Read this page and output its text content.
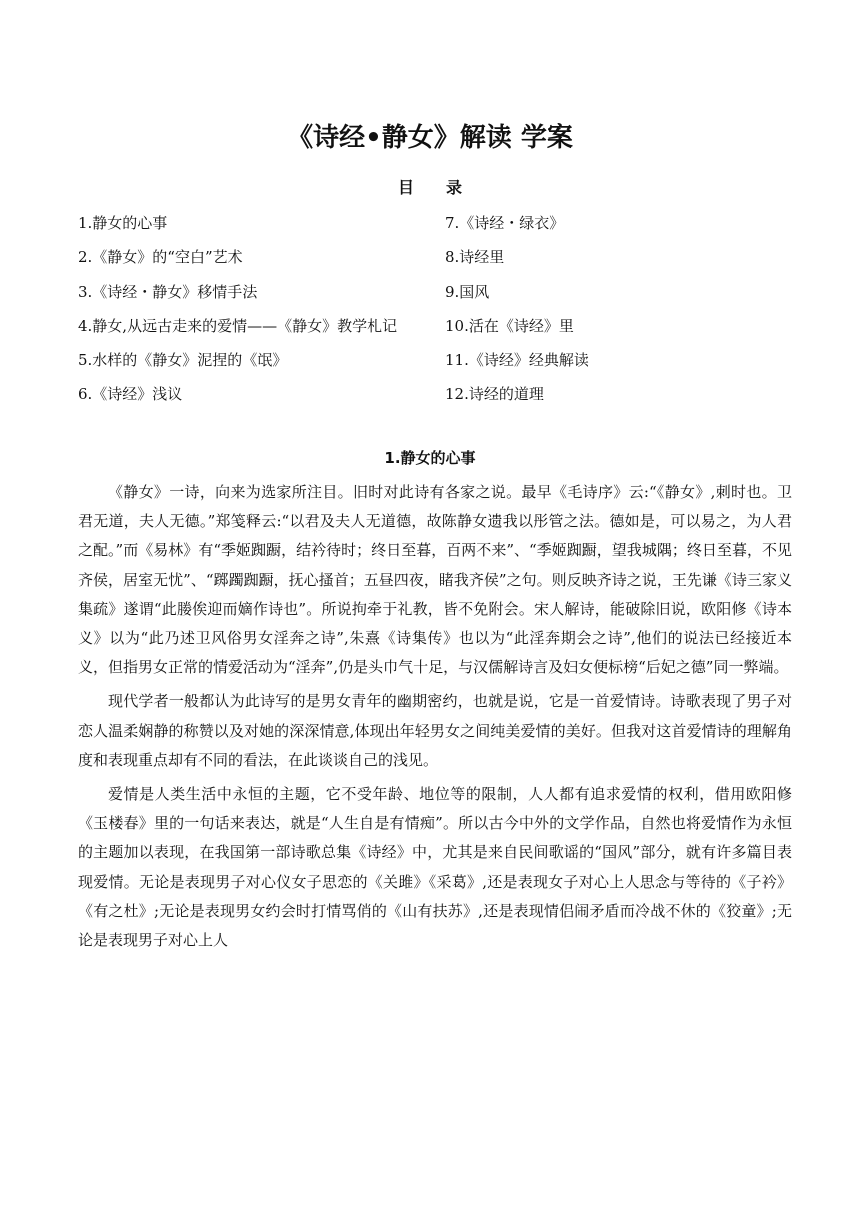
《诗经•静女》解读 学案
目录
1.静女的心事
2.《静女》的“空白”艺术
3.《诗经・静女》移情手法
4.静女,从远古走来的爱情——《静女》教学札记
5.水样的《静女》泥捏的《氓》
6.《诗经》浅议
7.《诗经・绿衣》
8.诗经里
9.国风
10.活在《诗经》里
11.《诗经》经典解读
12.诗经的道理
1.静女的心事

《静女》一诗，向来为选家所注目。旧时对此诗有各家之说。最早《毛诗序》云:“《静女》,刺时也。卫君无道，夫人无德。”郑笺释云:“以君及夫人无道德，故陈静女遗我以彤管之法。德如是，可以易之，为人君之配。”而《易林》有“季姬踟蹰，结衿待时；终日至暮，百两不来”、“季姬踟蹰，望我城隅；终日至暮，不见齐侯，居室无忧”、“踯躅踟蹰，抚心搔首；五昼四夜，睹我齐侯”之句。则反映齐诗之说，王先谦《诗三家义集疏》遂谓“此媵俟迎而嫡作诗也”。所说拘牵于礼教，皆不免附会。宋人解诗，能破除旧说，欧阳修《诗本义》以为“此乃述卫风俗男女淫奔之诗”,朱熹《诗集传》也以为“此淫奔期会之诗”,他们的说法已经接近本义，但指男女正常的情爱活动为“淫奔”,仍是头巾气十足，与汉儒解诗言及妇女便标榜“后妃之德”同一弊端。

现代学者一般都认为此诗写的是男女青年的幽期密约，也就是说，它是一首爱情诗。诗歌表现了男子对恋人温柔娴静的称赞以及对她的深深情意,体现出年轻男女之间纯美爱情的美好。但我对这首爱情诗的理解角度和表现重点却有不同的看法，在此谈谈自己的浅见。

爱情是人类生活中永恒的主题，它不受年龄、地位等的限制，人人都有追求爱情的权利，借用欧阳修《玉楼春》里的一句话来表达，就是“人生自是有情痴”。所以古今中外的文学作品，自然也将爱情作为永恒的主题加以表现，在我国第一部诗歌总集《诗经》中，尤其是来自民间歌谣的“国风”部分，就有许多篇目表现爱情。无论是表现男子对心仪女子思恋的《关雎》《采葛》,还是表现女子对心上人思念与等待的《子衿》《有之杜》;无论是表现男女约会时打情骂俏的《山有扶苏》,还是表现情侣闹矛盾而冷战不休的《狡童》;无论是表现男子对心上人
